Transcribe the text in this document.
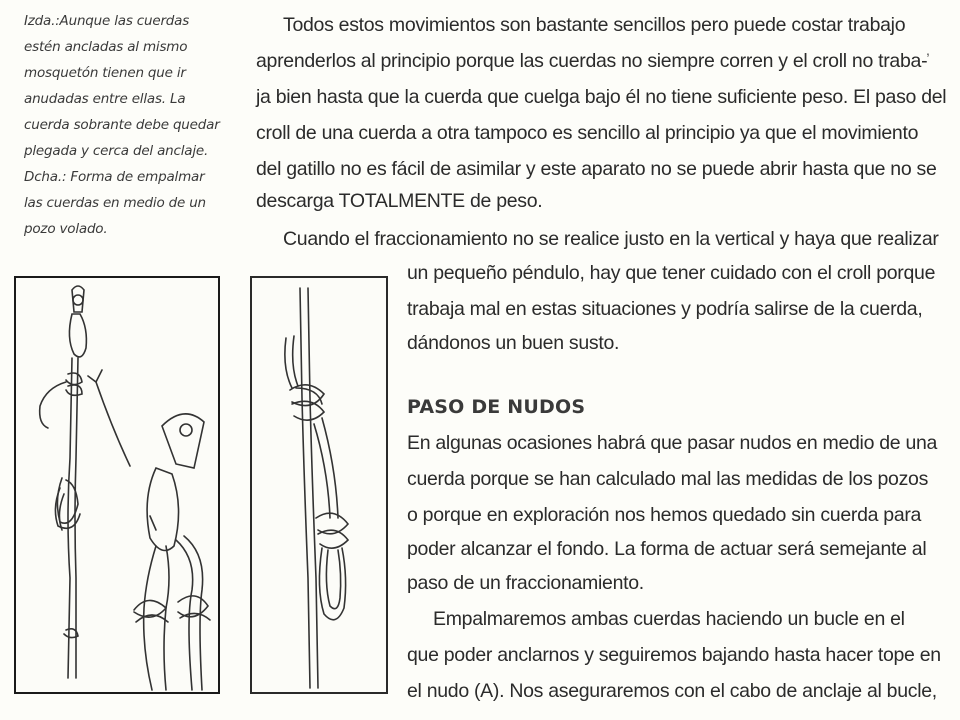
Izda.:Aunque las cuerdas
estén ancladas al mismo
mosquetón tienen que ir
anudadas entre ellas. La
cuerda sobrante debe quedar
plegada y cerca del anclaje.
Dcha.: Forma de empalmar
las cuerdas en medio de un
pozo volado.
Todos estos movimientos son bastante sencillos pero puede costar trabajo
aprenderlos al principio porque las cuerdas no siempre corren y el croll no traba-
ja bien hasta que la cuerda que cuelga bajo él no tiene suficiente peso. El paso del
croll de una cuerda a otra tampoco es sencillo al principio ya que el movimiento
del gatillo no es fácil de asimilar y este aparato no se puede abrir hasta que no se
descarga TOTALMENTE de peso.
Cuando el fraccionamiento no se realice justo en la vertical y haya que realizar
un pequeño péndulo, hay que tener cuidado con el croll porque
trabaja mal en estas situaciones y podría salirse de la cuerda,
dándonos un buen susto.
,
PASO DE NUDOS
En algunas ocasiones habrá que pasar nudos en medio de una
cuerda porque se han calculado mal las medidas de los pozos
o porque en exploración nos hemos quedado sin cuerda para
poder alcanzar el fondo. La forma de actuar será semejante al
paso de un fraccionamiento.
Empalmaremos ambas cuerdas haciendo un bucle en el
que poder anclarnos y seguiremos bajando hasta hacer tope en
el nudo (A). Nos aseguraremos con el cabo de anclaje al bucle,
